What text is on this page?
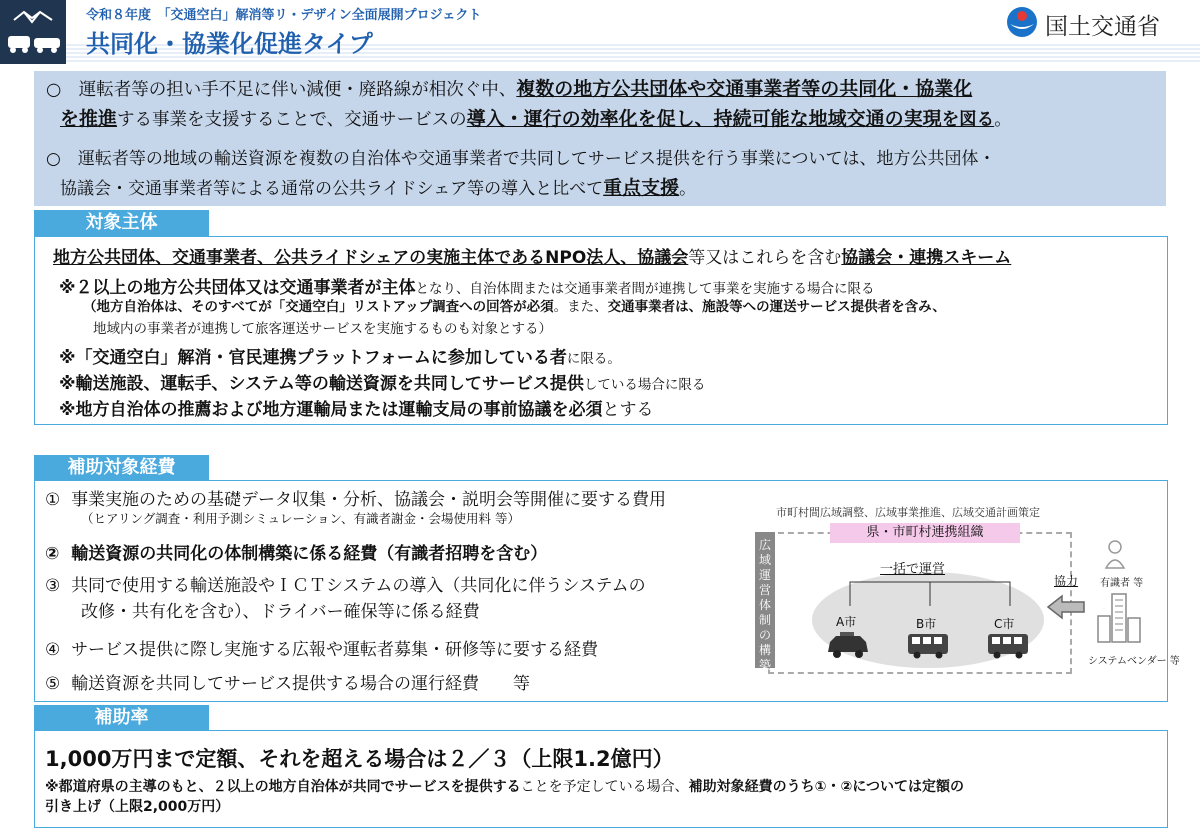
令和８年度　「交通空白」解消等リ・デザイン全面展開プロジェクト
共同化・協業化促進タイプ
国土交通省
○　運転者等の担い手不足に伴い減便・廃路線が相次ぐ中、複数の地方公共団体や交通事業者等の共同化・協業化
を推進する事業を支援することで、交通サービスの導入・運行の効率化を促し、持続可能な地域交通の実現を図る。
○　運転者等の地域の輸送資源を複数の自治体や交通事業者で共同してサービス提供を行う事業については、地方公共団体・
協議会・交通事業者等による通常の公共ライドシェア等の導入と比べて重点支援。
対象主体
地方公共団体、交通事業者、公共ライドシェアの実施主体であるNPO法人、協議会等又はこれらを含む協議会・連携スキーム
※２以上の地方公共団体又は交通事業者が主体となり、自治体間または交通事業者間が連携して事業を実施する場合に限る
（地方自治体は、そのすべてが「交通空白」リストアップ調査への回答が必須。また、交通事業者は、施設等への運送サービス提供者を含み、
地域内の事業者が連携して旅客運送サービスを実施するものも対象とする）
※「交通空白」解消・官民連携プラットフォームに参加している者に限る。
※輸送施設、運転手、システム等の輸送資源を共同してサービス提供している場合に限る
※地方自治体の推薦および地方運輸局または運輸支局の事前協議を必須とする
補助対象経費
① 事業実施のための基礎データ収集・分析、協議会・説明会等開催に要する費用
（ヒアリング調査・利用予測シミュレーション、有識者謝金・会場使用料 等）
② 輸送資源の共同化の体制構築に係る経費（有識者招聘を含む）
③ 共同で使用する輸送施設やＩＣＴシステムの導入（共同化に伴うシステムの
改修・共有化を含む）、ドライバー確保等に係る経費
④ サービス提供に際し実施する広報や運転者募集・研修等に要する経費
⑤ 輸送資源を共同してサービス提供する場合の運行経費　　等
市町村間広域調整、広域事業推進、広域交通計画策定
県・市町村連携組織
広
域
運
営
体
制
の
構
築
一括で運営
A市	B市	C市
協力 有識者 等
システムベンダー 等
補助率
1,000万円まで定額、それを超える場合は２／３（上限1.2億円）
※都道府県の主導のもと、２以上の地方自治体が共同でサービスを提供することを予定している場合、補助対象経費のうち①・②については定額の
引き上げ（上限2,000万円）
